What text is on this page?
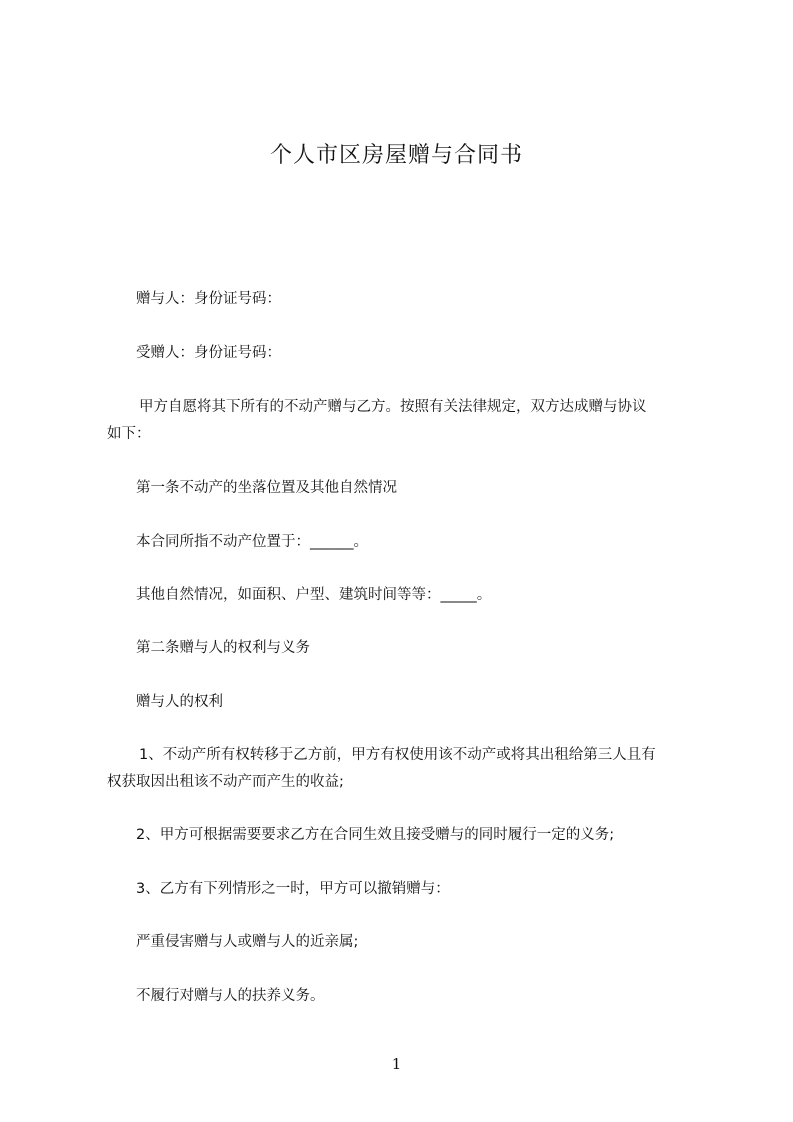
个人市区房屋赠与合同书

赠与人：身份证号码：

受赠人：身份证号码：

甲方自愿将其下所有的不动产赠与乙方。按照有关法律规定，双方达成赠与协议
如下：

第一条不动产的坐落位置及其他自然情况

本合同所指不动产位置于：______。

其他自然情况，如面积、户型、建筑时间等等：_____。

第二条赠与人的权利与义务

赠与人的权利

1、不动产所有权转移于乙方前，甲方有权使用该不动产或将其出租给第三人且有
权获取因出租该不动产而产生的收益;

2、甲方可根据需要要求乙方在合同生效且接受赠与的同时履行一定的义务;

3、乙方有下列情形之一时，甲方可以撤销赠与：

严重侵害赠与人或赠与人的近亲属;

不履行对赠与人的扶养义务。

1
